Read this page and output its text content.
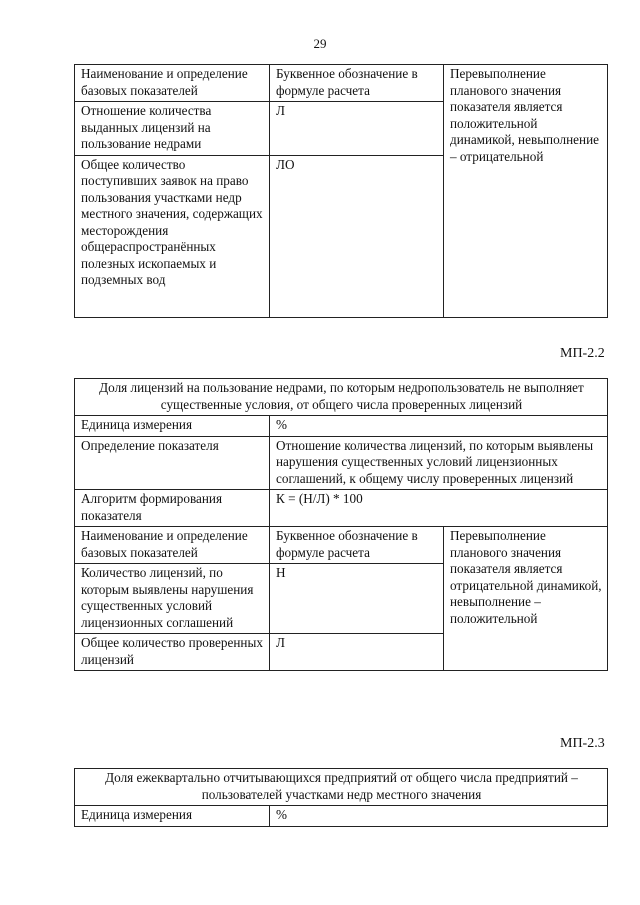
29
Наименование и определение базовых показателей	Буквенное обозначение в формуле расчета	Перевыполнение планового значения показателя является положительной динамикой, невыполнение – отрицательной
Отношение количества выданных лицензий на пользование недрами	Л	
Общее количество поступивших заявок на право пользования участками недр местного значения, содержащих месторождения общераспространённых полезных ископаемых и подземных вод	ЛО	
МП-2.2
Доля лицензий на пользование недрами, по которым недропользователь не выполняет существенные условия, от общего числа проверенных лицензий		
Единица измерения	%	
Определение показателя	Отношение количества лицензий, по которым выявлены нарушения существенных условий лицензионных соглашений, к общему числу проверенных лицензий	
Алгоритм формирования показателя	К = (Н/Л) * 100	
Наименование и определение базовых показателей	Буквенное обозначение в формуле расчета	Перевыполнение планового значения показателя является отрицательной динамикой, невыполнение – положительной
Количество лицензий, по которым выявлены нарушения существенных условий лицензионных соглашений	Н	
Общее количество проверенных лицензий	Л	
МП-2.3
Доля ежеквартально отчитывающихся предприятий от общего числа предприятий – пользователей участками недр местного значения
Единица измерения	%
